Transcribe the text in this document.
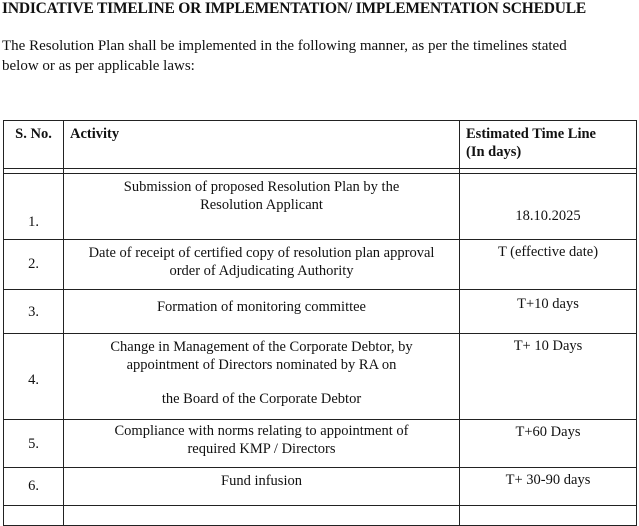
INDICATIVE TIMELINE OR IMPLEMENTATION/ IMPLEMENTATION SCHEDULE
The Resolution Plan shall be implemented in the following manner, as per the timelines stated
below or as per applicable laws:
S. No.	Activity	Estimated Time Line
(In days)

1.	Submission of proposed Resolution Plan by the
Resolution Applicant	18.10.2025

2.	Date of receipt of certified copy of resolution plan approval
order of Adjudicating Authority	T (effective date)

3.	Formation of monitoring committee	T+10 days

4.	Change in Management of the Corporate Debtor, by
appointment of Directors nominated by RA on
the Board of the Corporate Debtor	T+ 10 Days

5.	Compliance with norms relating to appointment of
required KMP / Directors	T+60 Days

6.	Fund infusion	T+ 30-90 days
